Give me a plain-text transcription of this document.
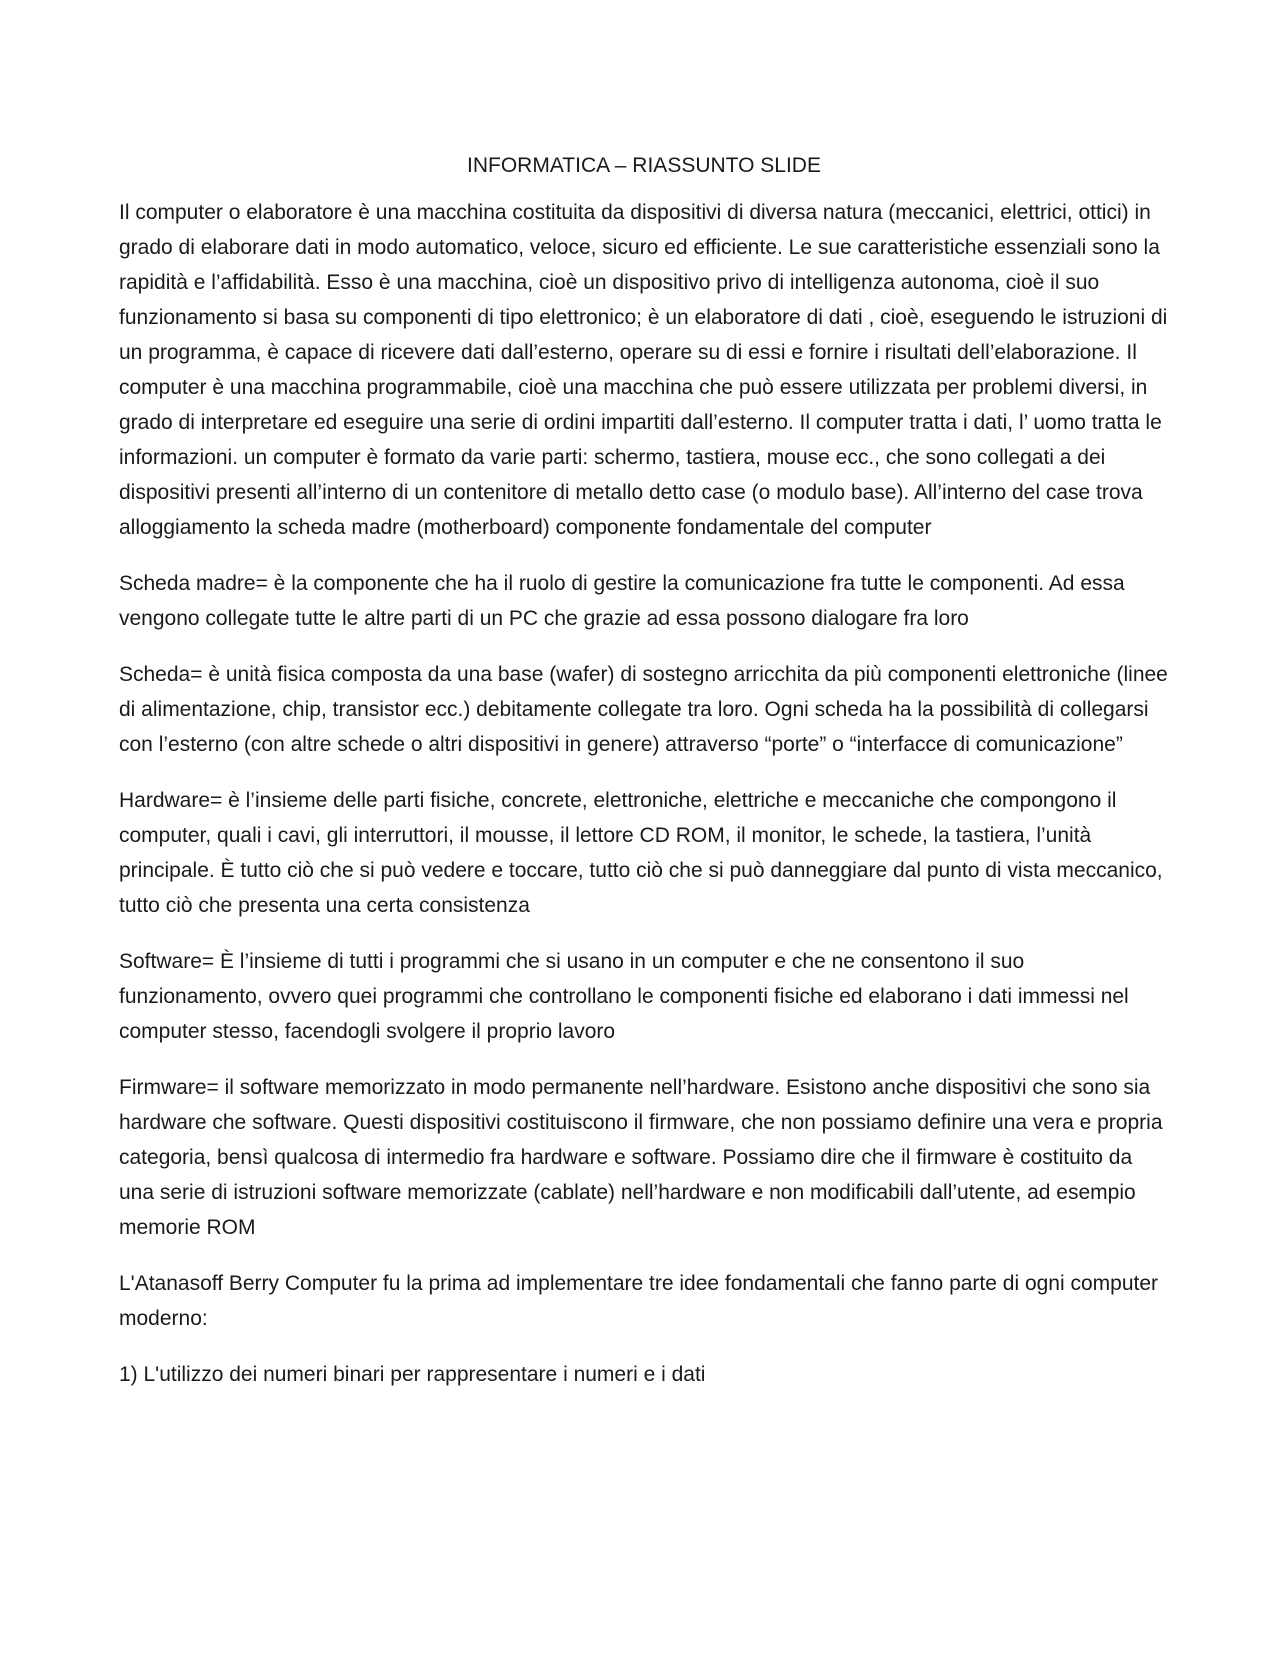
INFORMATICA – RIASSUNTO SLIDE

Il computer o elaboratore è una macchina costituita da dispositivi di diversa natura (meccanici, elettrici, ottici) in grado di elaborare dati in modo automatico, veloce, sicuro ed efficiente. Le sue caratteristiche essenziali sono la rapidità e l’affidabilità. Esso è una macchina, cioè un dispositivo privo di intelligenza autonoma, cioè il suo funzionamento si basa su componenti di tipo elettronico; è un elaboratore di dati , cioè, eseguendo le istruzioni di un programma, è capace di ricevere dati dall’esterno, operare su di essi e fornire i risultati dell’elaborazione. Il computer è una macchina programmabile, cioè una macchina che può essere utilizzata per problemi diversi, in grado di interpretare ed eseguire una serie di ordini impartiti dall’esterno. Il computer tratta i dati, l’ uomo tratta le informazioni. un computer è formato da varie parti: schermo, tastiera, mouse ecc., che sono collegati a dei dispositivi presenti all’interno di un contenitore di metallo detto case (o modulo base). All’interno del case trova alloggiamento la scheda madre (motherboard) componente fondamentale del computer

Scheda madre= è la componente che ha il ruolo di gestire la comunicazione fra tutte le componenti. Ad essa vengono collegate tutte le altre parti di un PC che grazie ad essa possono dialogare fra loro

Scheda= è unità fisica composta da una base (wafer) di sostegno arricchita da più componenti elettroniche (linee di alimentazione, chip, transistor ecc.) debitamente collegate tra loro. Ogni scheda ha la possibilità di collegarsi con l’esterno (con altre schede o altri dispositivi in genere) attraverso “porte” o “interfacce di comunicazione”

Hardware= è l’insieme delle parti fisiche, concrete, elettroniche, elettriche e meccaniche che compongono il computer, quali i cavi, gli interruttori, il mousse, il lettore CD ROM, il monitor, le schede, la tastiera, l’unità principale. È tutto ciò che si può vedere e toccare, tutto ciò che si può danneggiare dal punto di vista meccanico, tutto ciò che presenta una certa consistenza

Software= È l’insieme di tutti i programmi che si usano in un computer e che ne consentono il suo funzionamento, ovvero quei programmi che controllano le componenti fisiche ed elaborano i dati immessi nel computer stesso, facendogli svolgere il proprio lavoro

Firmware= il software memorizzato in modo permanente nell’hardware. Esistono anche dispositivi che sono sia hardware che software. Questi dispositivi costituiscono il firmware, che non possiamo definire una vera e propria categoria, bensì qualcosa di intermedio fra hardware e software. Possiamo dire che il firmware è costituito da una serie di istruzioni software memorizzate (cablate) nell’hardware e non modificabili dall’utente, ad esempio memorie ROM

L'Atanasoff Berry Computer fu la prima ad implementare tre idee fondamentali che fanno parte di ogni computer moderno:

1) L'utilizzo dei numeri binari per rappresentare i numeri e i dati
